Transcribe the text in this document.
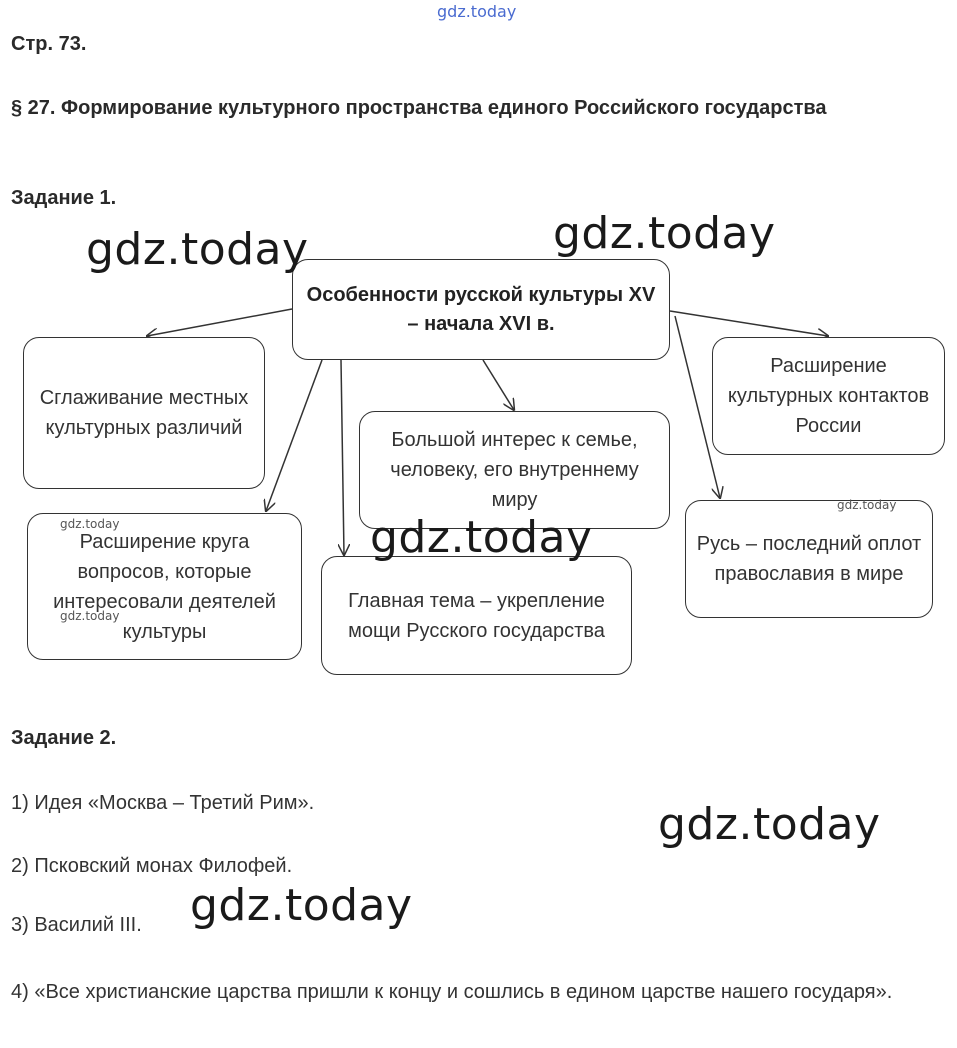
gdz.today
Стр. 73.
§ 27. Формирование культурного пространства единого Российского государства
Задание 1.
Особенности русской культуры XV – начала XVI в.
Сглаживание местных культурных различий
Большой интерес к семье, человеку, его внутреннему миру
Расширение культурных контактов России
Расширение круга вопросов, которые интересовали деятелей культуры
Главная тема – укрепление мощи Русского государства
Русь – последний оплот православия в мире
Задание 2.
1) Идея «Москва – Третий Рим».
2) Псковский монах Филофей.
3) Василий III.
4) «Все христианские царства пришли к концу и сошлись в едином царстве нашего государя».
gdz.today	gdz.today
gdz.today
gdz.today
gdz.today
gdz.today
gdz.today
gdz.today
